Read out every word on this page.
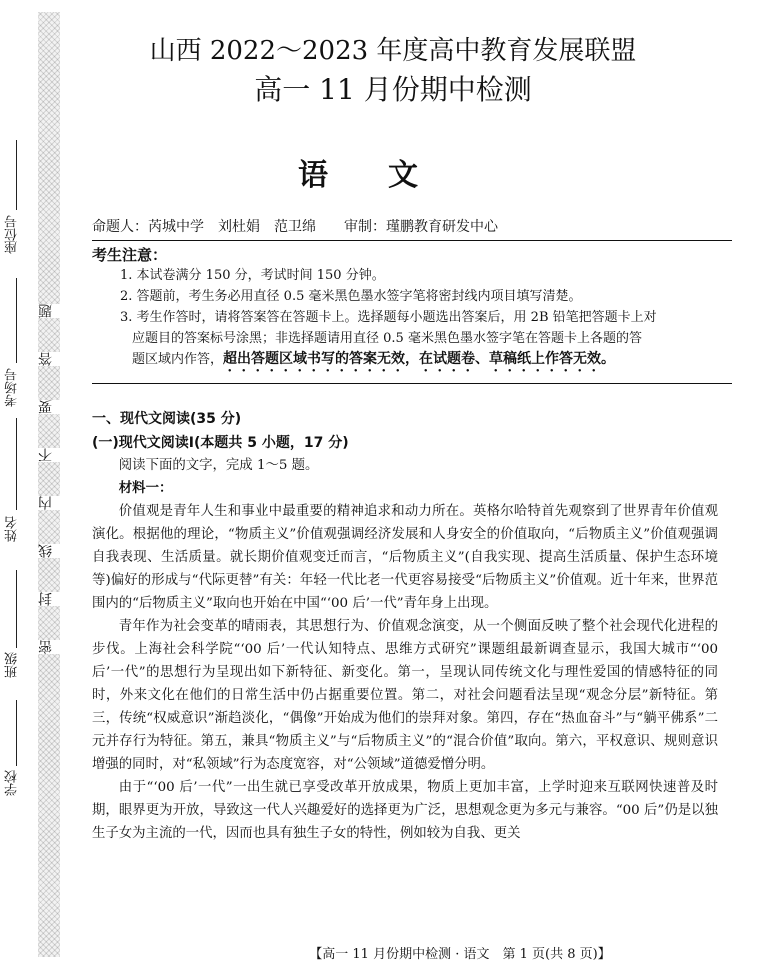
座位号
考场号
姓名
班级
学校
题
答
要
不
内
线
封
密
山西 2022～2023 年度高中教育发展联盟
高一 11 月份期中检测
语文
命题人：芮城中学　刘杜娟　范卫绵　　审制：瑾鹏教育研发中心
考生注意：
1. 本试卷满分 150 分，考试时间 150 分钟。
2. 答题前，考生务必用直径 0.5 毫米黑色墨水签字笔将密封线内项目填写清楚。
3. 考生作答时，请将答案答在答题卡上。选择题每小题选出答案后，用 2B 铅笔把答题卡上对
应题目的答案标号涂黑；非选择题请用直径 0.5 毫米黑色墨水签字笔在答题卡上各题的答
题区域内作答，超出答题区域书写的答案无效，在试题卷、草稿纸上作答无效。
一、现代文阅读(35 分)
(一)现代文阅读Ⅰ(本题共 5 小题，17 分)

阅读下面的文字，完成 1～5 题。

材料一：

价值观是青年人生和事业中最重要的精神追求和动力所在。英格尔哈特首先观察到了世界青年价值观演化。根据他的理论，“物质主义”价值观强调经济发展和人身安全的价值取向，“后物质主义”价值观强调自我表现、生活质量。就长期价值观变迁而言，“后物质主义”(自我实现、提高生活质量、保护生态环境等)偏好的形成与“代际更替”有关：年轻一代比老一代更容易接受“后物质主义”价值观。近十年来，世界范围内的“后物质主义”取向也开始在中国“‘00 后’一代”青年身上出现。

青年作为社会变革的晴雨表，其思想行为、价值观念演变，从一个侧面反映了整个社会现代化进程的步伐。上海社会科学院“‘00 后’一代认知特点、思维方式研究”课题组最新调查显示，我国大城市“‘00 后’一代”的思想行为呈现出如下新特征、新变化。第一，呈现认同传统文化与理性爱国的情感特征的同时，外来文化在他们的日常生活中仍占据重要位置。第二，对社会问题看法呈现“观念分层”新特征。第三，传统“权威意识”渐趋淡化，“偶像”开始成为他们的崇拜对象。第四，存在“热血奋斗”与“躺平佛系”二元并存行为特征。第五，兼具“物质主义”与“后物质主义”的“混合价值”取向。第六，平权意识、规则意识增强的同时，对“私领域”行为态度宽容，对“公领域”道德爱憎分明。

由于“‘00 后’一代”一出生就已享受改革开放成果，物质上更加丰富，上学时迎来互联网快速普及时期，眼界更为开放，导致这一代人兴趣爱好的选择更为广泛，思想观念更为多元与兼容。“00 后”仍是以独生子女为主流的一代，因而也具有独生子女的特性，例如较为自我、更关

【高一 11 月份期中检测 · 语文　第 1 页(共 8 页)】
